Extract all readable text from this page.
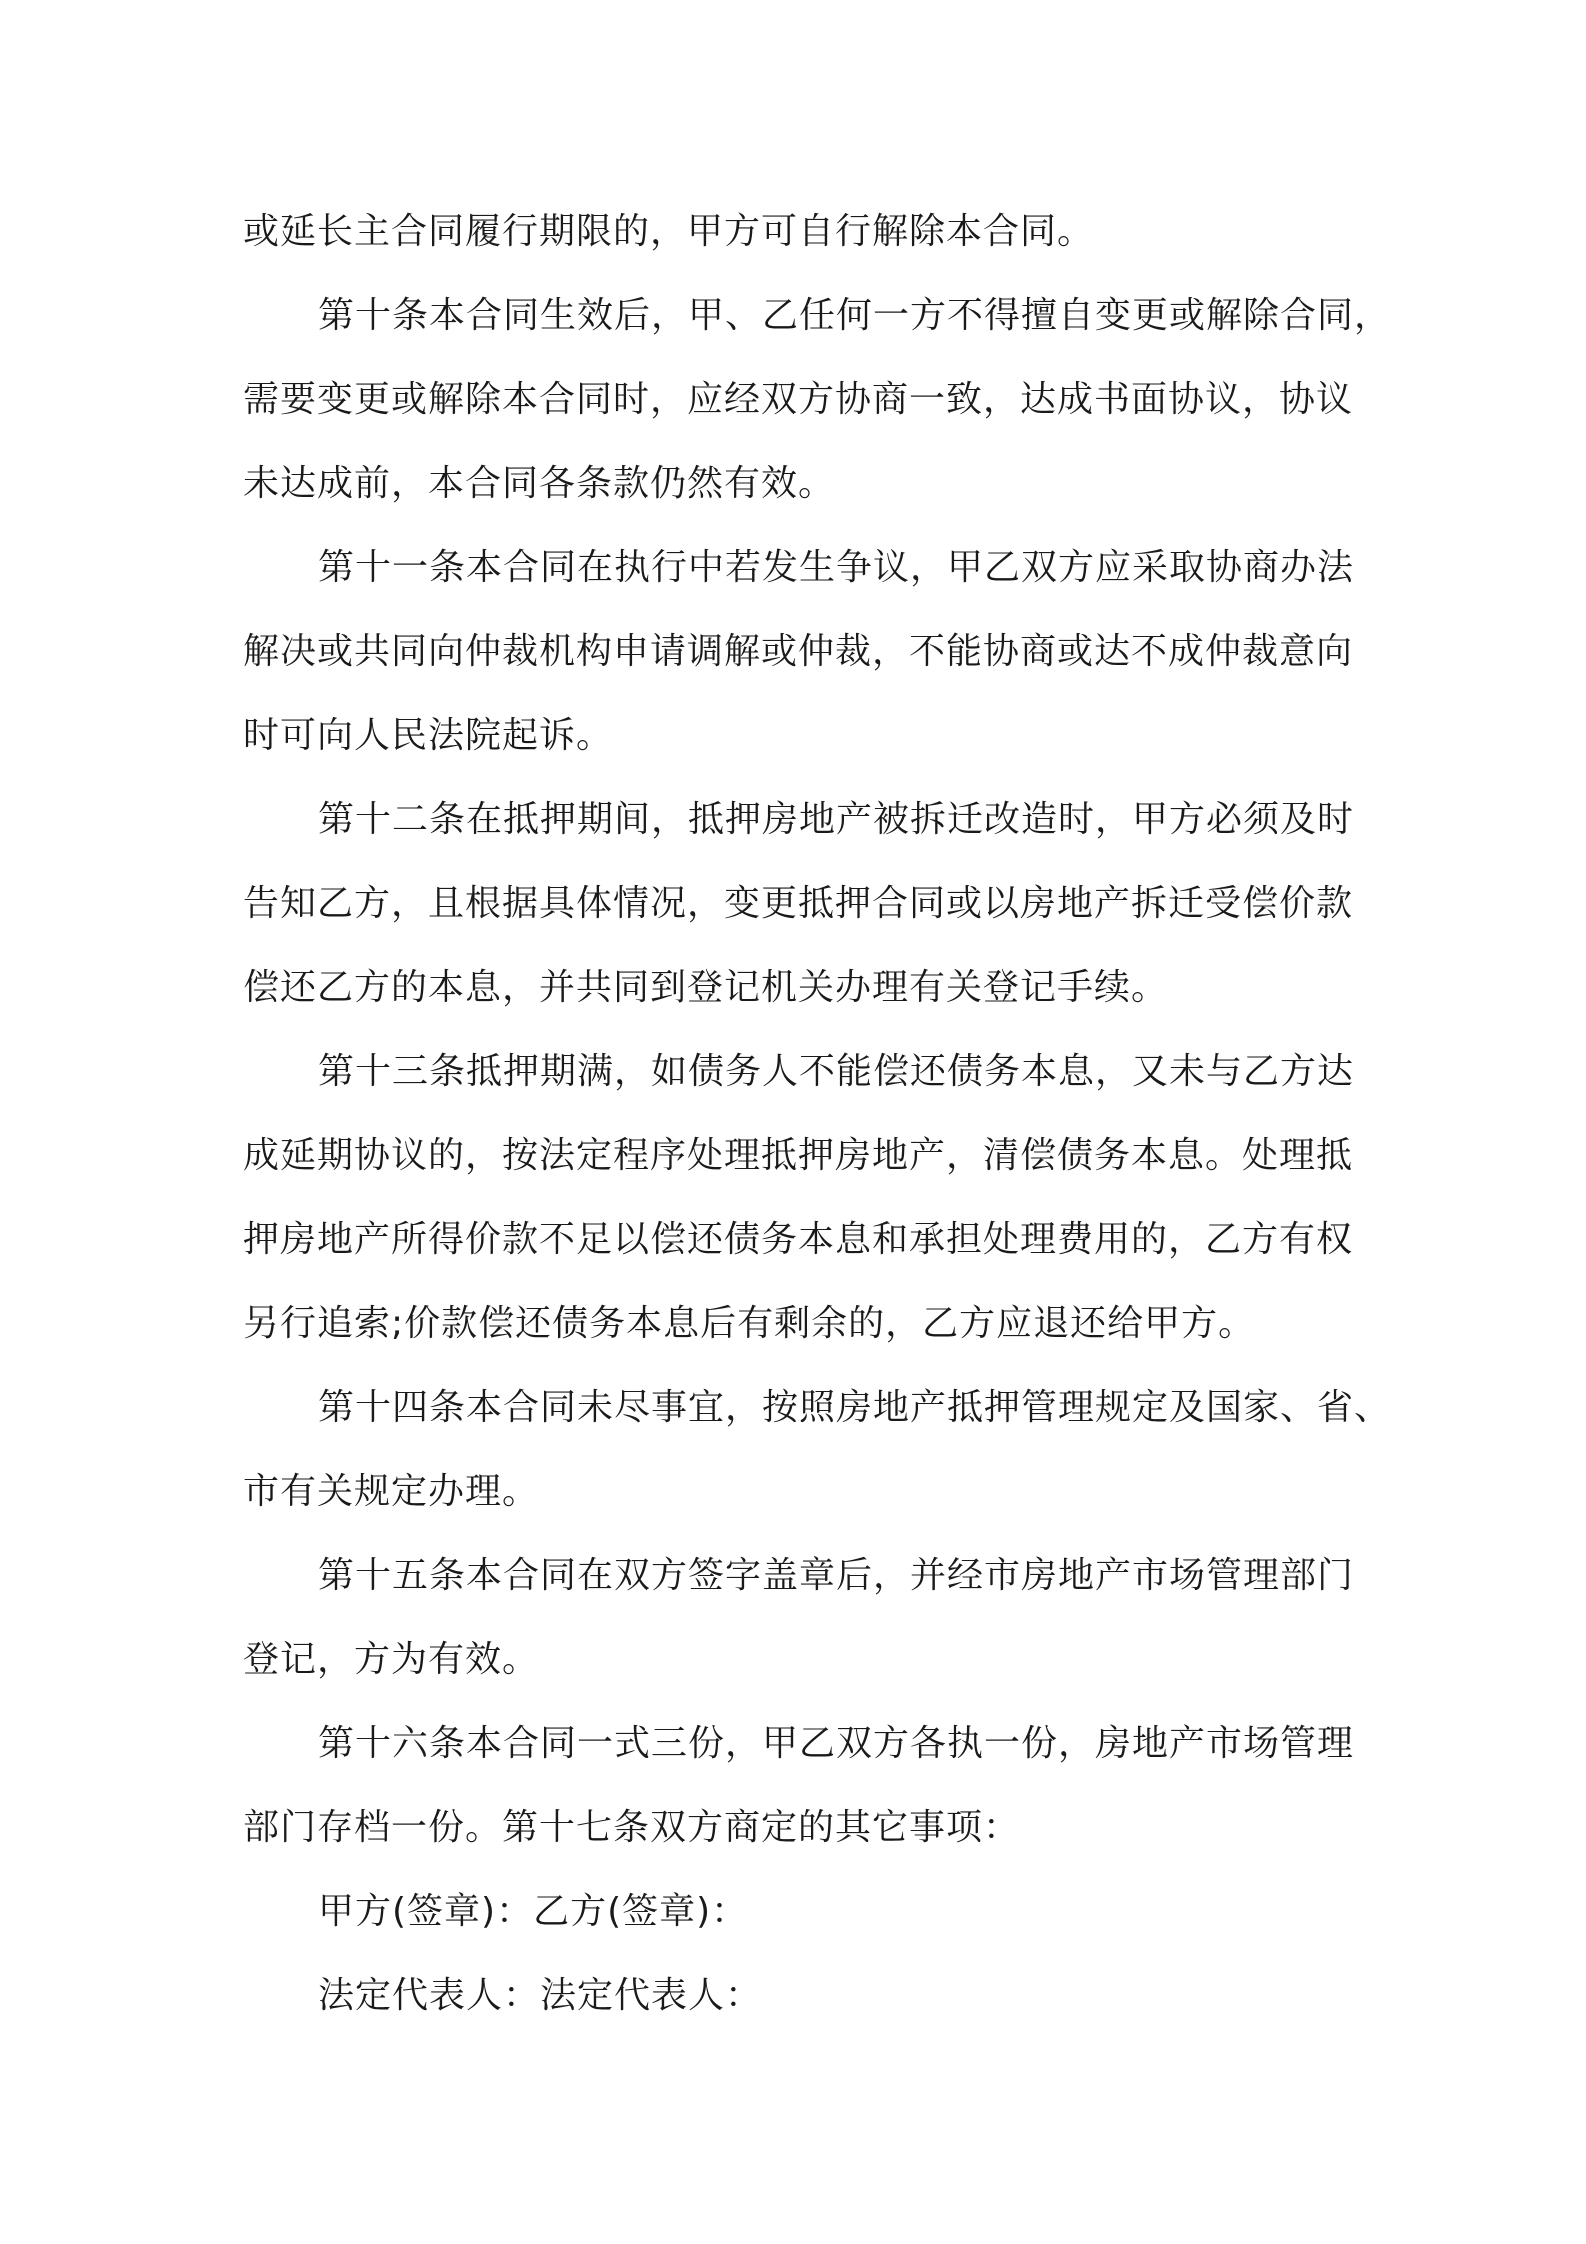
或延长主合同履行期限的，甲方可自行解除本合同。
第十条本合同生效后，甲、乙任何一方不得擅自变更或解除合同，
需要变更或解除本合同时，应经双方协商一致，达成书面协议，协议
未达成前，本合同各条款仍然有效。
第十一条本合同在执行中若发生争议，甲乙双方应采取协商办法
解决或共同向仲裁机构申请调解或仲裁，不能协商或达不成仲裁意向
时可向人民法院起诉。
第十二条在抵押期间，抵押房地产被拆迁改造时，甲方必须及时
告知乙方，且根据具体情况，变更抵押合同或以房地产拆迁受偿价款
偿还乙方的本息，并共同到登记机关办理有关登记手续。
第十三条抵押期满，如债务人不能偿还债务本息，又未与乙方达
成延期协议的，按法定程序处理抵押房地产，清偿债务本息。处理抵
押房地产所得价款不足以偿还债务本息和承担处理费用的，乙方有权
另行追索;价款偿还债务本息后有剩余的，乙方应退还给甲方。
第十四条本合同未尽事宜，按照房地产抵押管理规定及国家、省、
市有关规定办理。
第十五条本合同在双方签字盖章后，并经市房地产市场管理部门
登记，方为有效。
第十六条本合同一式三份，甲乙双方各执一份，房地产市场管理
部门存档一份。第十七条双方商定的其它事项：
甲方(签章)：乙方(签章)：
法定代表人：法定代表人：
